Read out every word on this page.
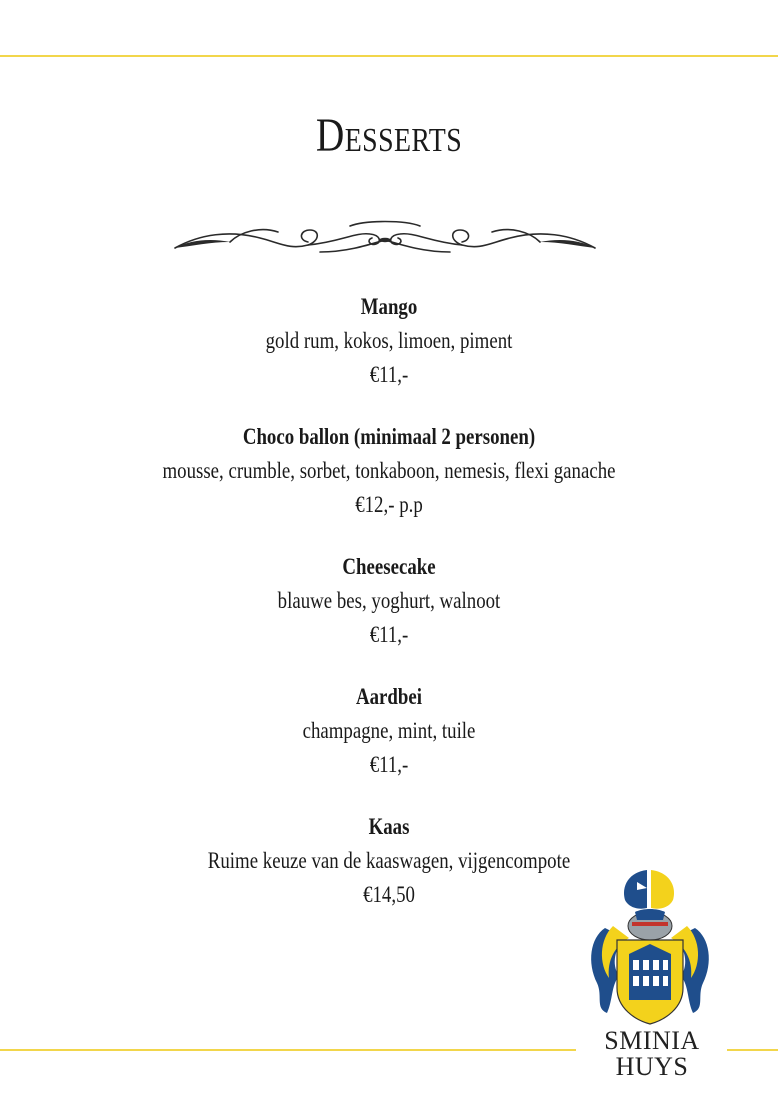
Desserts
Mango
gold rum, kokos, limoen, piment
€11,-
Choco ballon (minimaal 2 personen)
mousse, crumble, sorbet, tonkaboon, nemesis, flexi ganache
€12,- p.p
Cheesecake
blauwe bes, yoghurt, walnoot
€11,-
Aardbei
champagne, mint, tuile
€11,-
Kaas
Ruime keuze van de kaaswagen, vijgencompote
€14,50
SMINIA
HUYS
